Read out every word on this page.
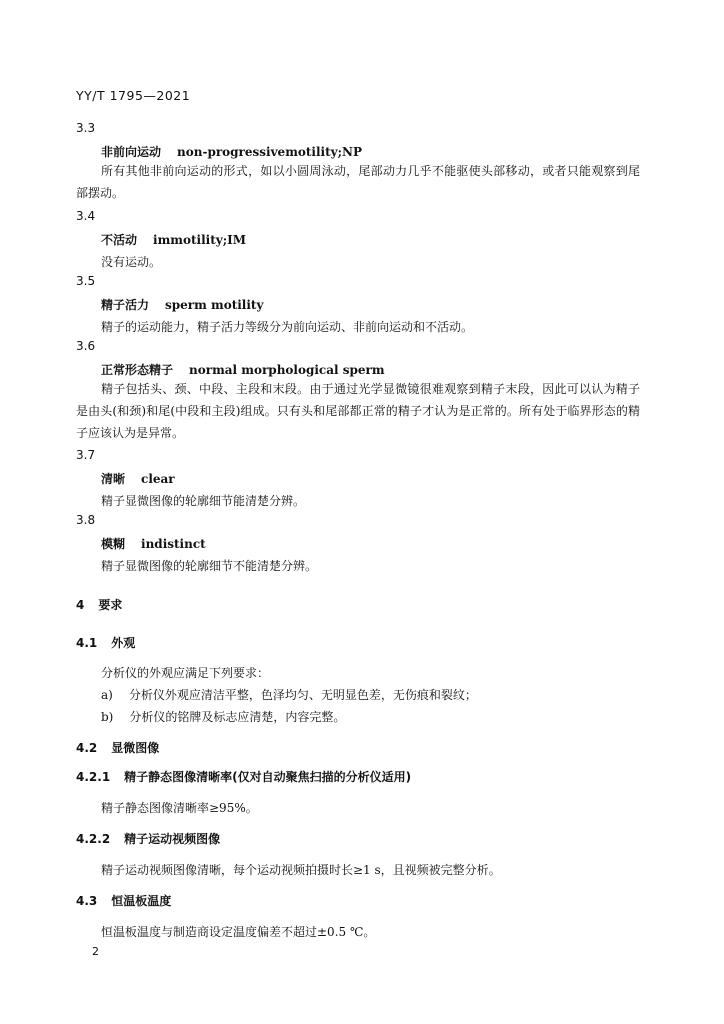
YY/T 1795—2021
3.3
非前向运动 non-progressivemotility;NP
所有其他非前向运动的形式，如以小圆周泳动，尾部动力几乎不能驱使头部移动，或者只能观察到尾部摆动。
3.4
不活动 immotility;IM
没有运动。
3.5
精子活力 sperm motility
精子的运动能力，精子活力等级分为前向运动、非前向运动和不活动。
3.6
正常形态精子 normal morphological sperm
精子包括头、颈、中段、主段和末段。由于通过光学显微镜很难观察到精子末段，因此可以认为精子是由头(和颈)和尾(中段和主段)组成。只有头和尾部都正常的精子才认为是正常的。所有处于临界形态的精子应该认为是异常。
3.7
清晰 clear
精子显微图像的轮廓细节能清楚分辨。
3.8
模糊 indistinct
精子显微图像的轮廓细节不能清楚分辨。
4 要求
4.1 外观
分析仪的外观应满足下列要求：
a) 分析仪外观应清洁平整，色泽均匀、无明显色差，无伤痕和裂纹；
b) 分析仪的铭牌及标志应清楚，内容完整。
4.2 显微图像
4.2.1 精子静态图像清晰率(仅对自动聚焦扫描的分析仪适用)
精子静态图像清晰率≥95%。
4.2.2 精子运动视频图像
精子运动视频图像清晰，每个运动视频拍摄时长≥1 s，且视频被完整分析。
4.3 恒温板温度
恒温板温度与制造商设定温度偏差不超过±0.5 ℃。
2
